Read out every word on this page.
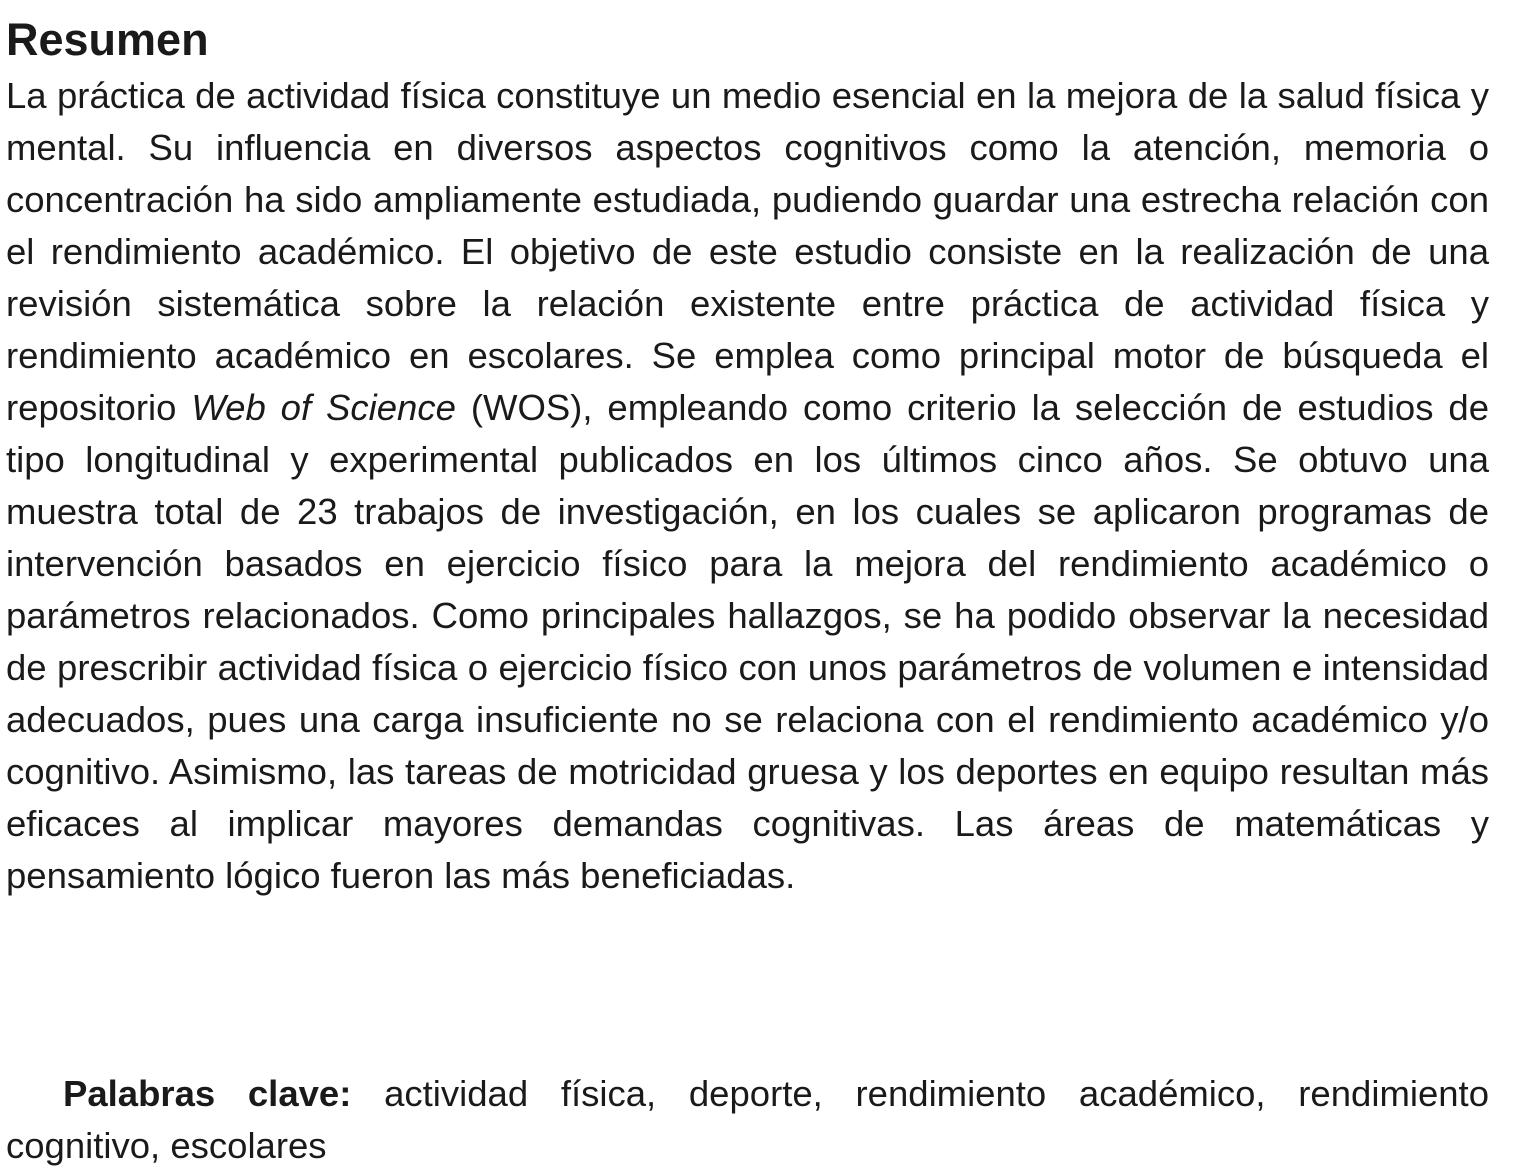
Resumen

La práctica de actividad física constituye un medio esencial en la mejora de la salud física y mental. Su influencia en diversos aspectos cognitivos como la atención, memoria o concentración ha sido ampliamente estudiada, pudiendo guardar una estrecha relación con el rendimiento académico. El objetivo de este estudio consiste en la realización de una revisión sistemática sobre la relación existente entre práctica de actividad física y rendimiento académico en escolares. Se emplea como principal motor de búsqueda el repositorio Web of Science (WOS), empleando como criterio la selección de estudios de tipo longitudinal y experimental publicados en los últimos cinco años. Se obtuvo una muestra total de 23 trabajos de investigación, en los cuales se aplicaron programas de intervención basados en ejercicio físico para la mejora del rendimiento académico o parámetros relacionados. Como principales hallazgos, se ha podido observar la necesidad de prescribir actividad física o ejercicio físico con unos parámetros de volumen e intensidad adecuados, pues una carga insuficiente no se relaciona con el rendimiento académico y/o cognitivo. Asimismo, las tareas de motricidad gruesa y los deportes en equipo resultan más eficaces al implicar mayores demandas cognitivas. Las áreas de matemáticas y pensamiento lógico fueron las más beneficiadas.

Palabras clave: actividad física, deporte, rendimiento académico, rendimiento cognitivo, escolares
